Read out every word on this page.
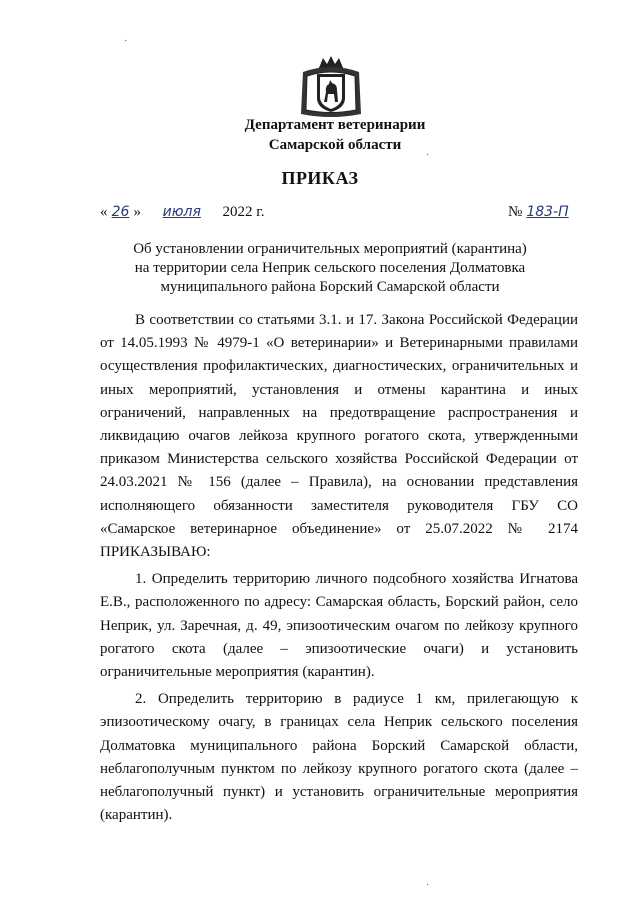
Департамент ветеринарии
Самарской области
ПРИКАЗ
« 26 » июля 2022 г.	№ 183-П
Об установлении ограничительных мероприятий (карантина)
на территории села Неприк сельского поселения Долматовка
муниципального района Борский Самарской области

В соответствии со статьями 3.1. и 17. Закона Российской Федерации от 14.05.1993 № 4979-1 «О ветеринарии» и Ветеринарными правилами осуществления профилактических, диагностических, ограничительных и иных мероприятий, установления и отмены карантина и иных ограничений, направленных на предотвращение распространения и ликвидацию очагов лейкоза крупного рогатого скота, утвержденными приказом Министерства сельского хозяйства Российской Федерации от 24.03.2021 № 156 (далее – Правила), на основании представления исполняющего обязанности заместителя руководителя ГБУ СО «Самарское ветеринарное объединение» от 25.07.2022 № 2174 ПРИКАЗЫВАЮ:

1. Определить территорию личного подсобного хозяйства Игнатова Е.В., расположенного по адресу: Самарская область, Борский район, село Неприк, ул. Заречная, д. 49, эпизоотическим очагом по лейкозу крупного рогатого скота (далее – эпизоотические очаги) и установить ограничительные мероприятия (карантин).

2. Определить территорию в радиусе 1 км, прилегающую к эпизоотическому очагу, в границах села Неприк сельского поселения Долматовка муниципального района Борский Самарской области, неблагополучным пунктом по лейкозу крупного рогатого скота (далее – неблагополучный пункт) и установить ограничительные мероприятия (карантин).

·
·
·
